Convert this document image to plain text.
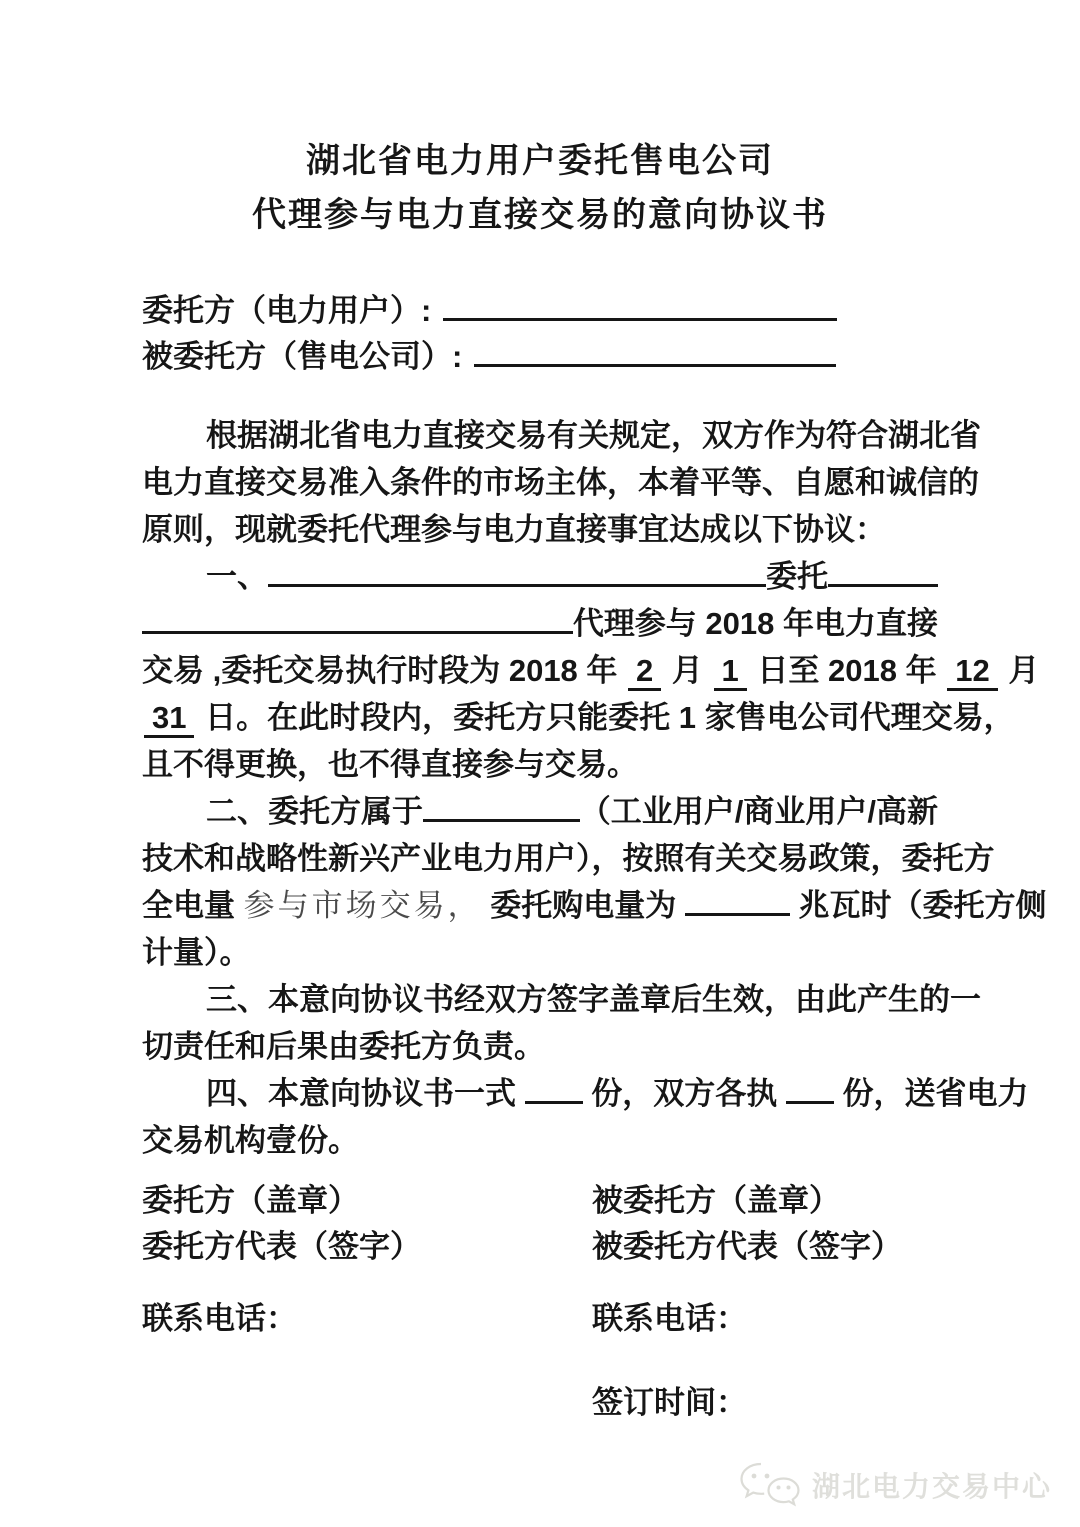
湖北省电力用户委托售电公司
代理参与电力直接交易的意向协议书
委托方（电力用户）:
被委托方（售电公司）:
根据湖北省电力直接交易有关规定，双方作为符合湖北省
电力直接交易准入条件的市场主体，本着平等、自愿和诚信的
原则，现就委托代理参与电力直接事宜达成以下协议：
一、	委托
代理参与 2018 年电力直接
交易 ,委托交易执行时段为 2018 年 2 月 1 日至 2018 年 12 月
31 日。在此时段内，委托方只能委托 1 家售电公司代理交易，
且不得更换，也不得直接参与交易。
二、委托方属于	（工业用户/商业用户/高新
技术和战略性新兴产业电力用户），按照有关交易政策，委托方
全电量 参与市场交易， 委托购电量为	兆瓦时（委托方侧
计量）。
三、本意向协议书经双方签字盖章后生效，由此产生的一
切责任和后果由委托方负责。
四、本意向协议书一式 份，双方各执 份，送省电力
交易机构壹份。
委托方（盖章）	被委托方（盖章）
委托方代表（签字）	被委托方代表（签字）
联系电话：	联系电话：
签订时间：
湖北电力交易中心
